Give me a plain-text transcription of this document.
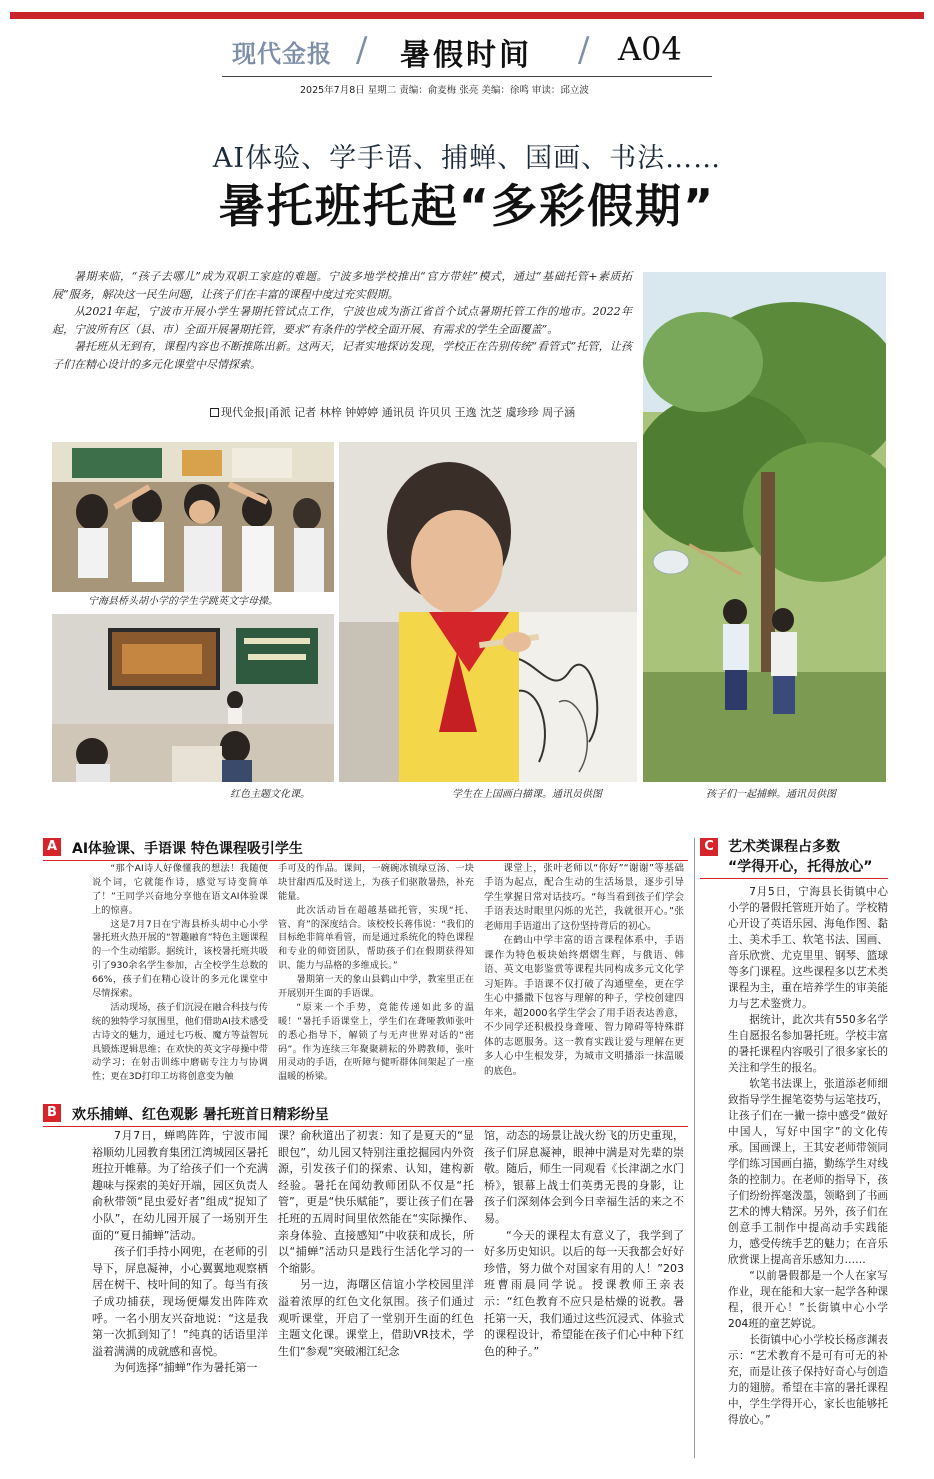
现代金报 / 暑假时间 / A04
2025年7月8日 星期二 责编：俞麦梅 张亮 美编：徐鸣 审读：邱立波
AI体验、学手语、捕蝉、国画、书法……
暑托班托起“多彩假期”

暑期来临，“孩子去哪儿”成为双职工家庭的难题。宁波多地学校推出“官方带娃”模式，通过“基础托管+素质拓展”服务，解决这一民生问题，让孩子们在丰富的课程中度过充实假期。

从2021年起，宁波市开展小学生暑期托管试点工作，宁波也成为浙江省首个试点暑期托管工作的地市。2022年起，宁波所有区（县、市）全面开展暑期托管，要求“有条件的学校全面开展、有需求的学生全面覆盖”。

暑托班从无到有，课程内容也不断推陈出新。这两天，记者实地探访发现，学校正在告别传统“看管式”托管，让孩子们在精心设计的多元化课堂中尽情探索。

现代金报|甬派 记者 林梓 钟婷婷 通讯员 许贝贝 王逸 沈芝 虞珍珍 周子涵
宁海县桥头胡小学的学生学跳英文字母操。
红色主题文化课。	学生在上国画白描课。通讯员供图	孩子们一起捕蝉。通讯员供图
A AI体验课、手语课 特色课程吸引学生

“那个AI诗人好像懂我的想法！我随便说个词，它就能作诗，感觉写诗变简单了！”王同学兴奋地分享他在语文AI体验课上的惊喜。

这是7月7日在宁海县桥头胡中心小学暑托班火热开展的“智趣融育”特色主题课程的一个生动缩影。据统计，该校暑托班共吸引了930余名学生参加，占全校学生总数的66%，孩子们在精心设计的多元化课堂中尽情探索。

活动现场，孩子们沉浸在融合科技与传统的独特学习氛围里，他们借助AI技术感受古诗文的魅力，通过七巧板、魔方等益智玩具锻炼逻辑思维；在欢快的英文字母操中带动学习；在射击训练中磨砺专注力与协调性；更在3D打印工坊将创意变为触

手可及的作品。课间，一碗碗冰镇绿豆汤、一块块甘甜西瓜及时送上，为孩子们驱散暑热，补充能量。

此次活动旨在超越基础托管，实现“托、管、育”的深度结合。该校校长蒋伟说：“我们的目标绝非简单看管，而是通过系统化的特色课程和专业的师资团队，帮助孩子们在假期获得知识、能力与品格的多维成长。”

暑期第一天的象山县鹤山中学，教室里正在开展别开生面的手语课。

“原来一个手势，竟能传递如此多的温暖！”暑托手语课堂上，学生们在聋哑教师张叶的悉心指导下，解锁了与无声世界对话的“密码”。作为连续三年聚聚耕耘的外聘教师，张叶用灵动的手语，在听障与健听群体间架起了一座温暖的桥梁。

课堂上，张叶老师以“你好”“谢谢”等基础手语为起点，配合生动的生活场景，逐步引导学生掌握日常对话技巧。“每当看到孩子们学会手语表达时眼里闪烁的光芒，我就很开心。”张老师用手语道出了这份坚持背后的初心。

在鹤山中学丰富的语言课程体系中，手语课作为特色板块始终熠熠生辉，与俄语、韩语、英文电影鉴赏等课程共同构成多元文化学习矩阵。手语课不仅打破了沟通壁垒，更在学生心中播撒下包容与理解的种子，学校创建四年来，超2000名学生学会了用手语表达善意，不少同学还积极投身聋哑、智力障碍等特殊群体的志愿服务。这一教育实践让爱与理解在更多人心中生根发芽，为城市文明播添一抹温暖的底色。

B 欢乐捕蝉、红色观影 暑托班首日精彩纷呈

7月7日，蝉鸣阵阵，宁波市闻裕顺幼儿园教育集团江湾城园区暑托班拉开帷幕。为了给孩子们一个充满趣味与探索的美好开端，园区负责人俞秋带领“昆虫爱好者”组成“捉知了小队”，在幼儿园开展了一场别开生面的“夏日捕蝉”活动。

孩子们手持小网兜，在老师的引导下，屏息凝神，小心翼翼地观察栖居在树干、枝叶间的知了。每当有孩子成功捕获，现场便爆发出阵阵欢呼。一名小朋友兴奋地说：“这是我第一次抓到知了！”纯真的话语里洋溢着满满的成就感和喜悦。

为何选择“捕蝉”作为暑托第一

课？俞秋道出了初衷：知了是夏天的“显眼包”，幼儿园又特别注重挖掘园内外资源，引发孩子们的探索、认知，建构新经验。暑托在闻幼教师团队不仅是“托管”，更是“快乐赋能”，要让孩子们在暑托班的五周时间里依然能在“实际操作、亲身体验、直接感知”中收获和成长，所以“捕蝉”活动只是践行生活化学习的一个缩影。

另一边，海曙区信谊小学校园里洋溢着浓厚的红色文化氛围。孩子们通过观听课堂，开启了一堂别开生面的红色主题文化课。课堂上，借助VR技术，学生们“参观”突破湘江纪念

馆，动态的场景让战火纷飞的历史重现，孩子们屏息凝神，眼神中满是对先辈的崇敬。随后，师生一同观看《长津湖之水门桥》，银幕上战士们英勇无畏的身影，让孩子们深刻体会到今日幸福生活的来之不易。

“今天的课程太有意义了，我学到了好多历史知识。以后的每一天我都会好好珍惜，努力做个对国家有用的人！”203班曹雨晨同学说。授课教师王亲表示：“红色教育不应只是枯燥的说教。暑托第一天，我们通过这些沉浸式、体验式的课程设计，希望能在孩子们心中种下红色的种子。”

C	艺术类课程占多数
“学得开心，托得放心”

7月5日，宁海县长街镇中心小学的暑假托管班开始了。学校精心开设了英语乐园、海龟作图、黏土、美术手工、软笔书法、国画、音乐欣赏、尤克里里、钢琴、篮球等多门课程。这些课程多以艺术类课程为主，重在培养学生的审美能力与艺术鉴赏力。

据统计，此次共有550多名学生自愿报名参加暑托班。学校丰富的暑托课程内容吸引了很多家长的关注和学生的报名。

软笔书法课上，张道添老师细致指导学生握笔姿势与运笔技巧，让孩子们在一撇一捺中感受“做好中国人，写好中国字”的文化传承。国画课上，王其安老师带领同学们练习国画白描，勤练学生对线条的控制力。在老师的指导下，孩子们纷纷挥毫泼墨，领略到了书画艺术的博大精深。另外，孩子们在创意手工制作中提高动手实践能力，感受传统手艺的魅力；在音乐欣赏课上提高音乐感知力……

“以前暑假都是一个人在家写作业，现在能和大家一起学各种课程，很开心！”长街镇中心小学204班的童艺婷说。

长街镇中心小学校长杨彦渊表示：“艺术教育不是可有可无的补充，而是让孩子保持好奇心与创造力的翅膀。希望在丰富的暑托课程中，学生学得开心，家长也能够托得放心。”
